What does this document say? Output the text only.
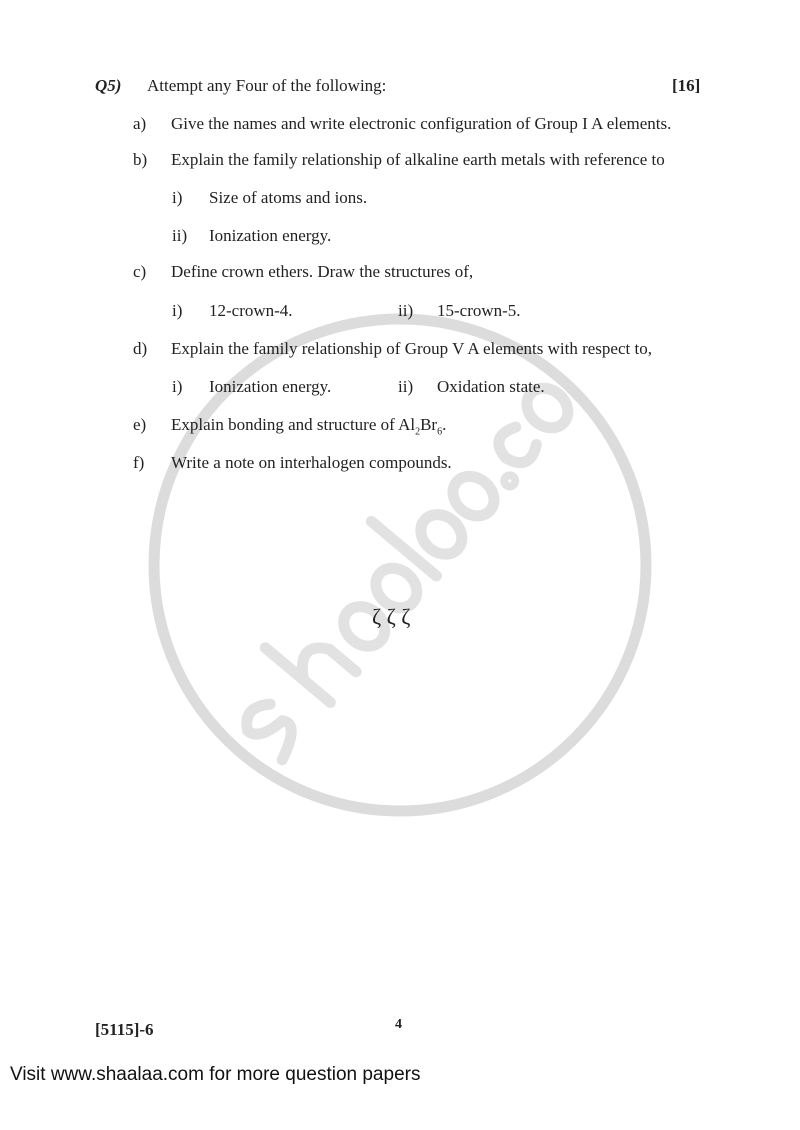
Q5) Attempt any Four of the following:	[16]
a) Give the names and write electronic configuration of Group I A elements.
b) Explain the family relationship of alkaline earth metals with reference to
i) Size of atoms and ions.
ii) Ionization energy.
c) Define crown ethers. Draw the structures of,
i) 12-crown-4.	ii) 15-crown-5.
d) Explain the family relationship of Group V A elements with respect to,
i) Ionization energy.	ii) Oxidation state.
e) Explain bonding and structure of $Al_2Br_6$.
f) Write a note on interhalogen compounds.
ζ ζ ζ
[5115]-6	4
Visit www.shaalaa.com for more question papers
